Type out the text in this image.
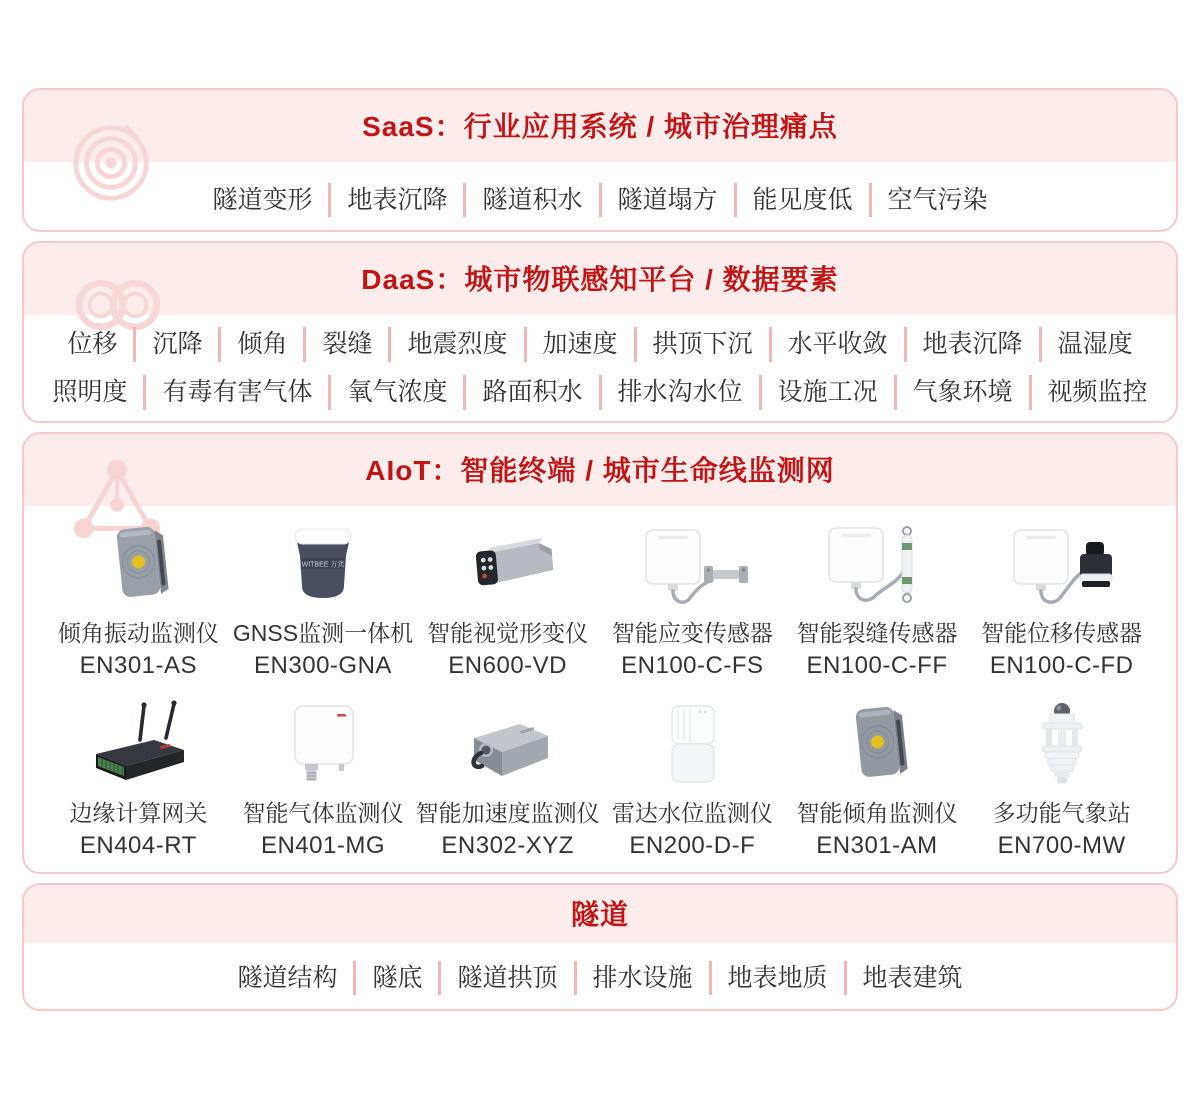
SaaS：行业应用系统 / 城市治理痛点
隧道变形	地表沉降	隧道积水	隧道塌方	能见度低	空气污染
DaaS：城市物联感知平台 / 数据要素
位移	沉降	倾角	裂缝	地震烈度	加速度	拱顶下沉	水平收敛	地表沉降	温湿度
照明度	有毒有害气体	氧气浓度	路面积水	排水沟水位	设施工况	气象环境	视频监控
AIoT：智能终端 / 城市生命线监测网
倾角振动监测仪
EN301-AS
WITBEE 万宾
GNSS监测一体机
EN300-GNA
智能视觉形变仪
EN600-VD
智能应变传感器
EN100-C-FS
智能裂缝传感器
EN100-C-FF
智能位移传感器
EN100-C-FD
边缘计算网关
EN404-RT
智能气体监测仪
EN401-MG
智能加速度监测仪
EN302-XYZ
雷达水位监测仪
EN200-D-F
智能倾角监测仪
EN301-AM
多功能气象站
EN700-MW
隧道
隧道结构	隧底	隧道拱顶	排水设施	地表地质	地表建筑
